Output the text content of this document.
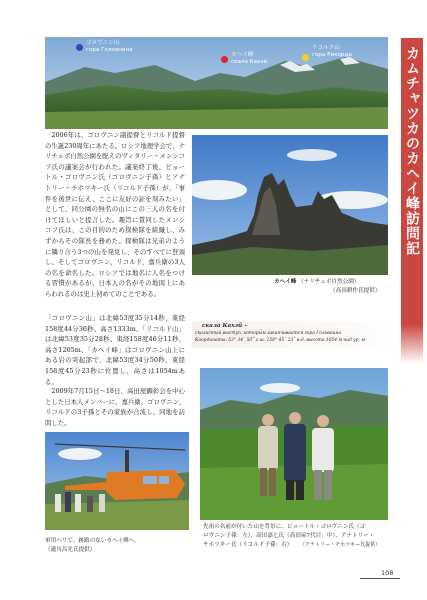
ゴロヴニン山
гора Головнина
カヘイ峰
скала Кахэй
リコルド山
гора Рикорда	カムチャツカのカヘイ峰訪問記
2006年は、ゴロヴニン副提督とリコルド提督の生誕230周年にあたる。ロシア地理学会で、ナリチェボ自然公園を配えのヴィタリー・メンシコフ氏の議案会が行われた。議案終了後、ビョートル・ゴロヴニン氏（ゴロヴニン子孫）とアナトリー・チホツキー氏（リコルド子孫）が、「事件を後世に伝え、ここに友好の証を刻みたい」として、同公園の無名の山にこの三人の名を付けてほしいと提言した。趣旨に賛同したメンシコフ氏は、この目的のため探検隊を組織し、みずからその隊長を務めた。探検隊は兄弟のように隣り合う3つの山を発見し、そのすべてに登頂し、そしてゴロヴニン、リコルド、嘉兵衛の3人の名を命名した。ロシアでは地名に人名をつける習慣があるが、日本人の名がその地図上にあらわれるのは史上初めてのことである。
「ゴロヴニン山」は北緯53度35分14秒、東経158度44分36秒、高さ1333m、「リコルド山」は北緯53度35分28秒、東経158度46分11秒、高さ1205m、「カヘイ峰」はゴロヴニン山上にある岩の突起部で、北緯53度34分50秒、東経158度45分23秒に位置し、高さは1054mある。
2009年7月15日～18日、高田屋顕彰会を中心とした日本人メンバーに、嘉兵衛、ゴロヴニン、リコルドの3子孫とその家族が合流し、同地を訪問した。
カヘイ峰 （ナリチェボ自然公園）
（高田耕作氏提供）
скала Кахэй –
скалистый выступ, которым заканчивается гора Головнина
Координаты: 53° 34´ 50˝ с.ш. 158° 45´ 23˝ в.д. высота 1054 м над ур. м.
軍用ヘリで、跡路のないカヘイ峰へ。
（瀧川昌光氏提供）
先祖の名前が付いた山を背景に、ビョートル・ゴロヴニン氏（ゴ
ロヴニン子孫：左）、高田嘉七氏（高田屋7代目：中）、アナトリー・
チホツキー氏（リコルド子孫：右） （アナトリー・チホツキー氏提供）
108
